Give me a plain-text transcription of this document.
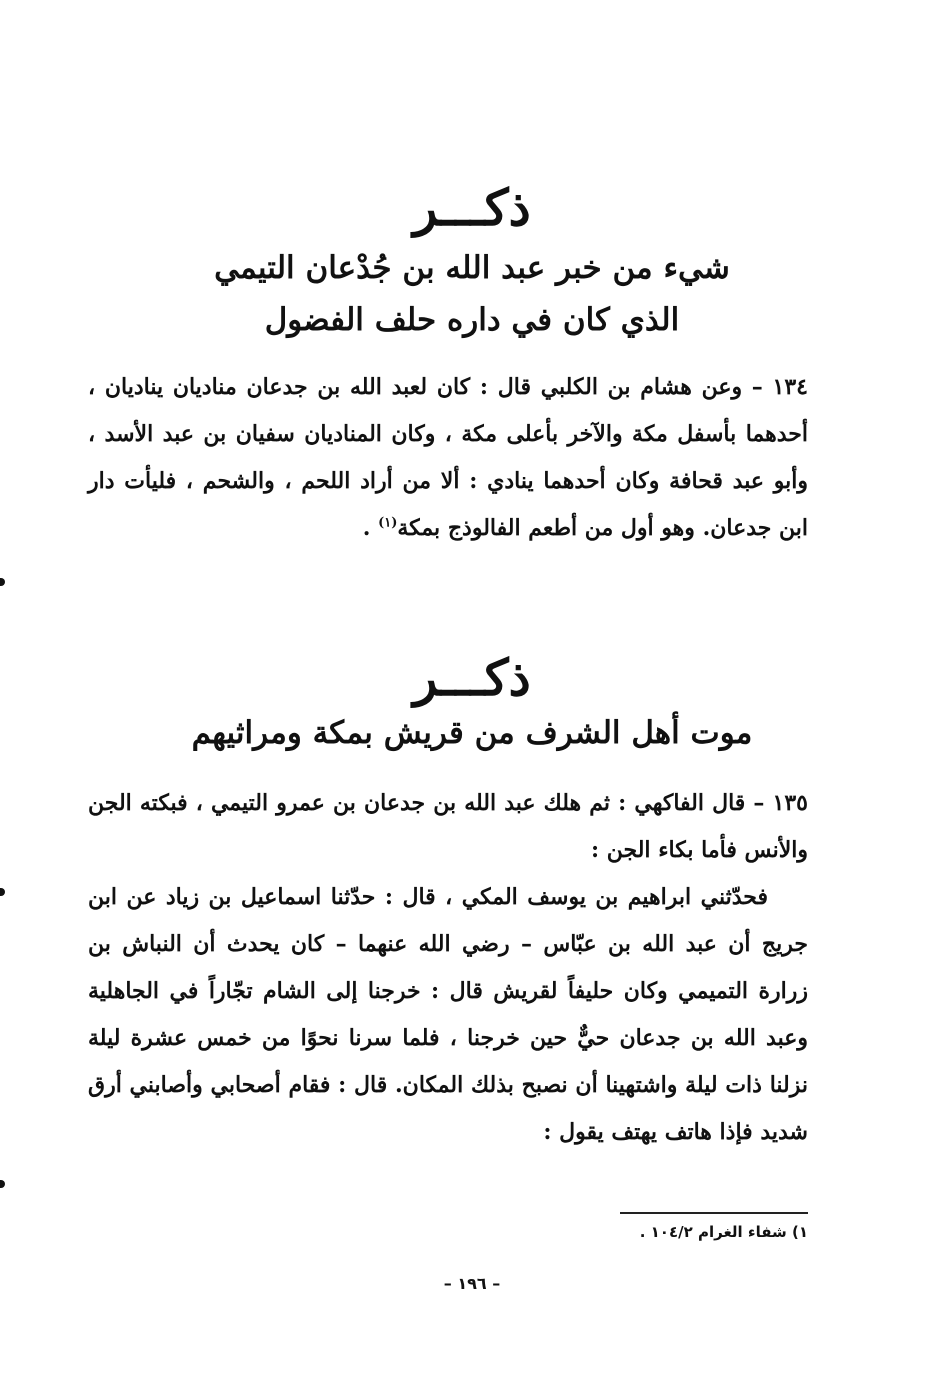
ذكـــر
شيء من خبر عبد الله بن جُدْعان التيمي
الذي كان في داره حلف الفضول
١٣٤ – وعن هشام بن الكلبي قال : كان لعبد الله بن جدعان مناديان يناديان ، أحدهما بأسفل مكة والآخر بأعلى مكة ، وكان المناديان سفيان بن عبد الأسد ، وأبو عبد قحافة وكان أحدهما ينادي : ألا من أراد اللحم ، والشحم ، فليأت دار ابن جدعان. وهو أول من أطعم الفالوذج بمكة$^{(١)}$ .
ذكـــر
موت أهل الشرف من قريش بمكة ومراثيهم
١٣٥ – قال الفاكهي : ثم هلك عبد الله بن جدعان بن عمرو التيمي ، فبكته الجن والأنس فأما بكاء الجن :
فحدّثني ابراهيم بن يوسف المكي ، قال : حدّثنا اسماعيل بن زياد عن ابن جريج أن عبد الله بن عبّاس – رضي الله عنهما – كان يحدث أن النباش بن زرارة التميمي وكان حليفاً لقريش قال : خرجنا إلى الشام تجّاراً في الجاهلية وعبد الله بن جدعان حيٌّ حين خرجنا ، فلما سرنا نحوًا من خمس عشرة ليلة نزلنا ذات ليلة واشتهينا أن نصبح بذلك المكان. قال : فقام أصحابي وأصابني أرق شديد فإذا هاتف يهتف يقول :
١) شفاء الغرام ١٠٤/٢ .
– ١٩٦ –
